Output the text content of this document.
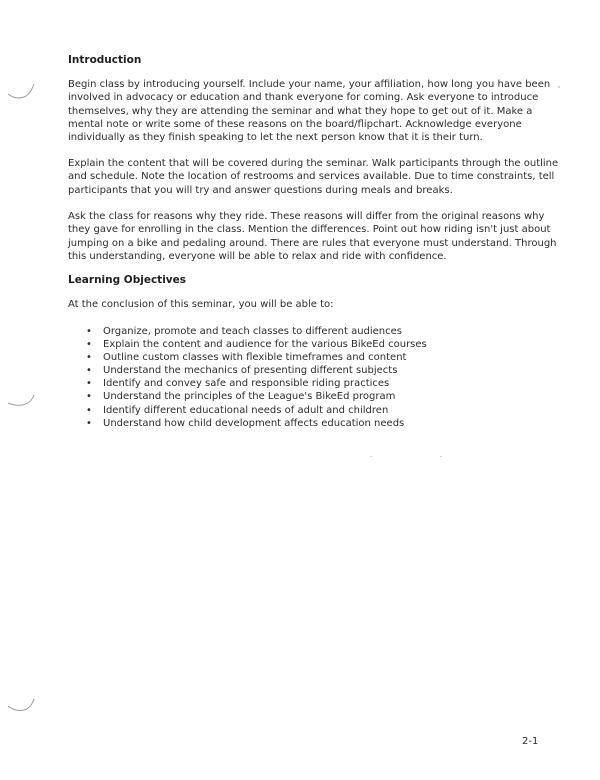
Introduction

Begin class by introducing yourself. Include your name, your affiliation, how long you have been
involved in advocacy or education and thank everyone for coming. Ask everyone to introduce
themselves, why they are attending the seminar and what they hope to get out of it. Make a
mental note or write some of these reasons on the board/flipchart. Acknowledge everyone
individually as they finish speaking to let the next person know that it is their turn.

Explain the content that will be covered during the seminar. Walk participants through the outline
and schedule. Note the location of restrooms and services available. Due to time constraints, tell
participants that you will try and answer questions during meals and breaks.

Ask the class for reasons why they ride. These reasons will differ from the original reasons why
they gave for enrolling in the class. Mention the differences. Point out how riding isn't just about
jumping on a bike and pedaling around. There are rules that everyone must understand. Through
this understanding, everyone will be able to relax and ride with confidence.

Learning Objectives

At the conclusion of this seminar, you will be able to:

• Organize, promote and teach classes to different audiences
• Explain the content and audience for the various BikeEd courses
• Outline custom classes with flexible timeframes and content
• Understand the mechanics of presenting different subjects
• Identify and convey safe and responsible riding practices
• Understand the principles of the League's BikeEd program
• Identify different educational needs of adult and children
• Understand how child development affects education needs
2-1
